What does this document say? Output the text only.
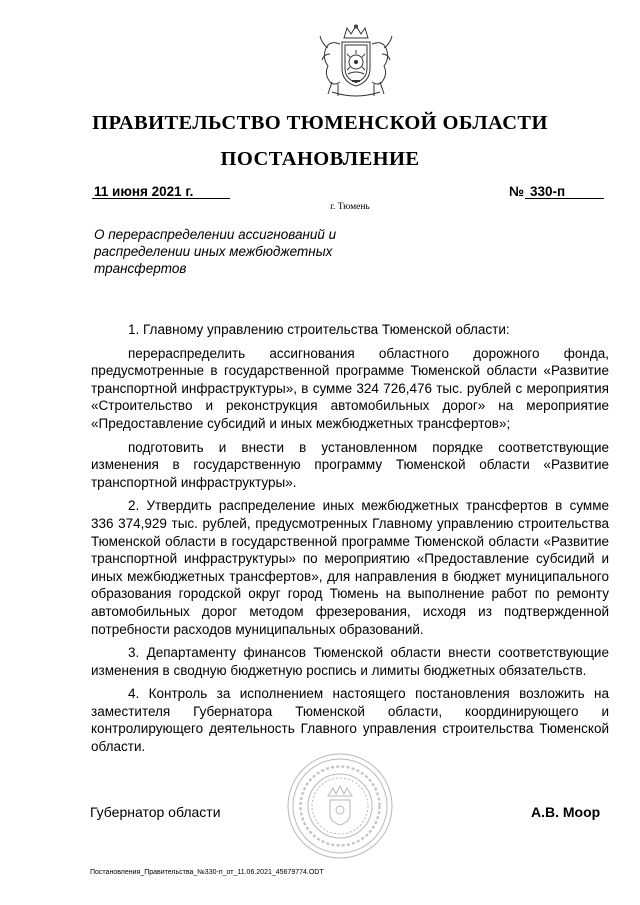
ПРАВИТЕЛЬСТВО ТЮМЕНСКОЙ ОБЛАСТИ
ПОСТАНОВЛЕНИЕ
11 июня 2021 г.
г. Тюмень
№ 330-п
О перераспределении ассигнований и распределении иных межбюджетных трансфертов

1. Главному управлению строительства Тюменской области:

перераспределить ассигнования областного дорожного фонда, предусмотренные в государственной программе Тюменской области «Развитие транспортной инфраструктуры», в сумме 324 726,476 тыс. рублей с мероприятия «Строительство и реконструкция автомобильных дорог» на мероприятие «Предоставление субсидий и иных межбюджетных трансфертов»;

подготовить и внести в установленном порядке соответствующие изменения в государственную программу Тюменской области «Развитие транспортной инфраструктуры».

2. Утвердить распределение иных межбюджетных трансфертов в сумме 336 374,929 тыс. рублей, предусмотренных Главному управлению строительства Тюменской области в государственной программе Тюменской области «Развитие транспортной инфраструктуры» по мероприятию «Предоставление субсидий и иных межбюджетных трансфертов», для направления в бюджет муниципального образования городской округ город Тюмень на выполнение работ по ремонту автомобильных дорог методом фрезерования, исходя из подтвержденной потребности расходов муниципальных образований.

3. Департаменту финансов Тюменской области внести соответствующие изменения в сводную бюджетную роспись и лимиты бюджетных обязательств.

4. Контроль за исполнением настоящего постановления возложить на заместителя Губернатора Тюменской области, координирующего и контролирующего деятельность Главного управления строительства Тюменской области.

Губернатор области	А.В. Моор
Постановления_Правительства_№330-п_от_11.06.2021_45679774.ODT
